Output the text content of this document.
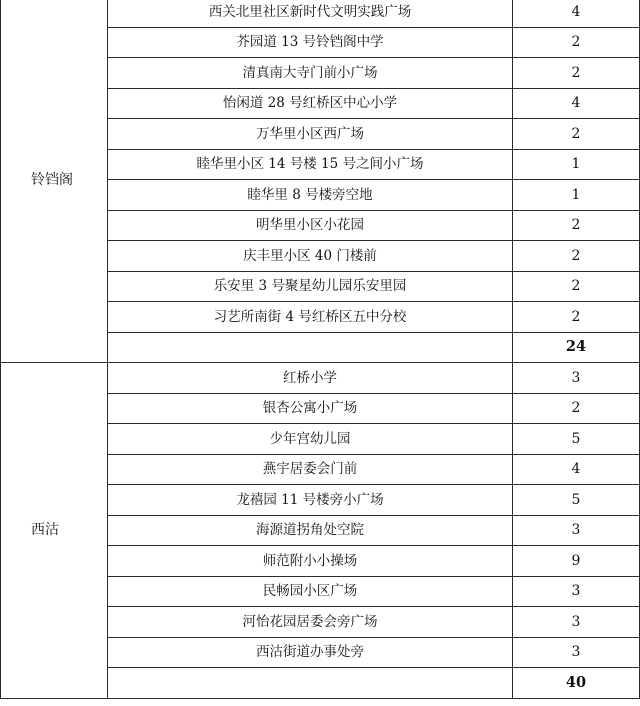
铃铛阁	西关北里社区新时代文明实践广场	4
	芥园道 13 号铃铛阁中学	2
	清真南大寺门前小广场	2
	怡闲道 28 号红桥区中心小学	4
	万华里小区西广场	2
	睦华里小区 14 号楼 15 号之间小广场	1
	睦华里 8 号楼旁空地	1
	明华里小区小花园	2
	庆丰里小区 40 门楼前	2
	乐安里 3 号聚星幼儿园乐安里园	2
	习艺所南街 4 号红桥区五中分校	2
		24
西沽	红桥小学	3
	银杏公寓小广场	2
	少年宫幼儿园	5
	燕宇居委会门前	4
	龙禧园 11 号楼旁小广场	5
	海源道拐角处空院	3
	师范附小小操场	9
	民畅园小区广场	3
	河怡花园居委会旁广场	3
	西沽街道办事处旁	3
		40
